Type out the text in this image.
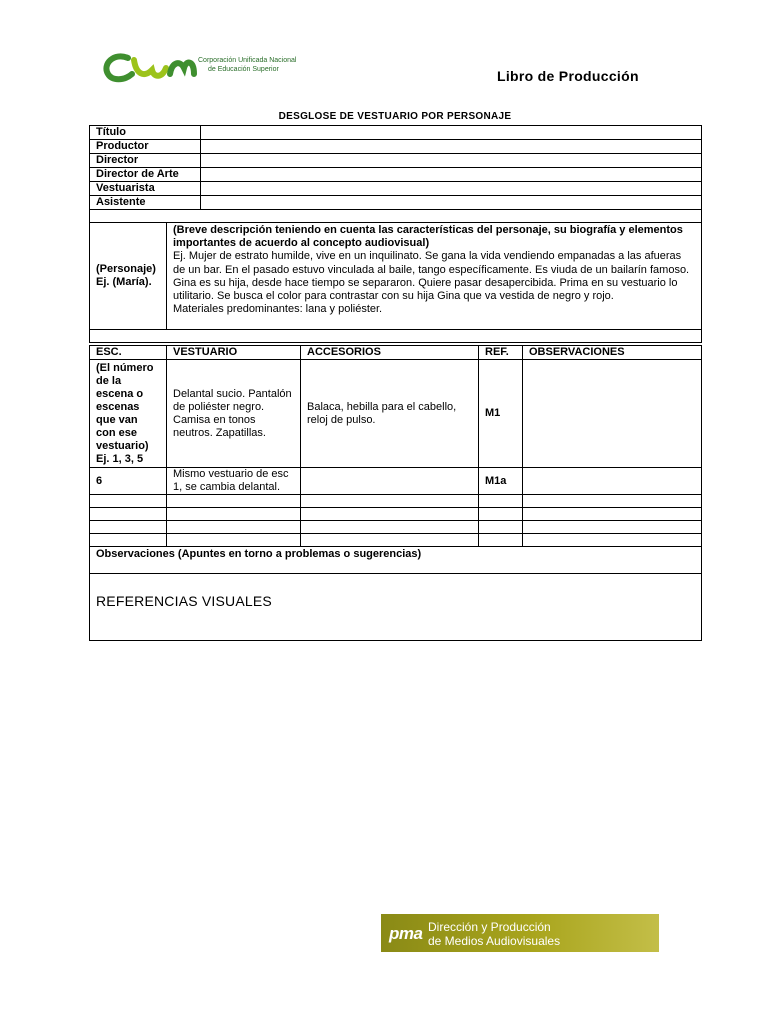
Corporación Unificada Nacional
de Educación Superior	Libro de Producción
DESGLOSE DE VESTUARIO POR PERSONAJE
Título	
Productor	
Director	
Director de Arte	
Vestuarista	
Asistente	

(Personaje) Ej. (María).	
(Breve descripción teniendo en cuenta las características del personaje, su biografía y elementos importantes de acuerdo al concepto audiovisual)
Ej. Mujer de estrato humilde, vive en un inquilinato. Se gana la vida vendiendo empanadas a las afueras de un bar. En el pasado estuvo vinculada al baile, tango específicamente. Es viuda de un bailarín famoso. Gina es su hija, desde hace tiempo se separaron. Quiere pasar desapercibida. Prima en su vestuario lo utilitario. Se busca el color para contrastar con su hija Gina que va vestida de negro y rojo.
Materiales predominantes: lana y poliéster.

ESC.	VESTUARIO	ACCESORIOS	REF.	OBSERVACIONES
(El número de la escena o escenas que van con ese vestuario) Ej. 1, 3, 5	Delantal sucio. Pantalón de poliéster negro. Camisa en tonos neutros. Zapatillas.	Balaca, hebilla para el cabello, reloj de pulso.	M1	
6	Mismo vestuario de esc 1, se cambia delantal.		M1a	

Observaciones (Apuntes en torno a problemas o sugerencias)				

REFERENCIAS VISUALES
pma Dirección y Producción
de Medios Audiovisuales
